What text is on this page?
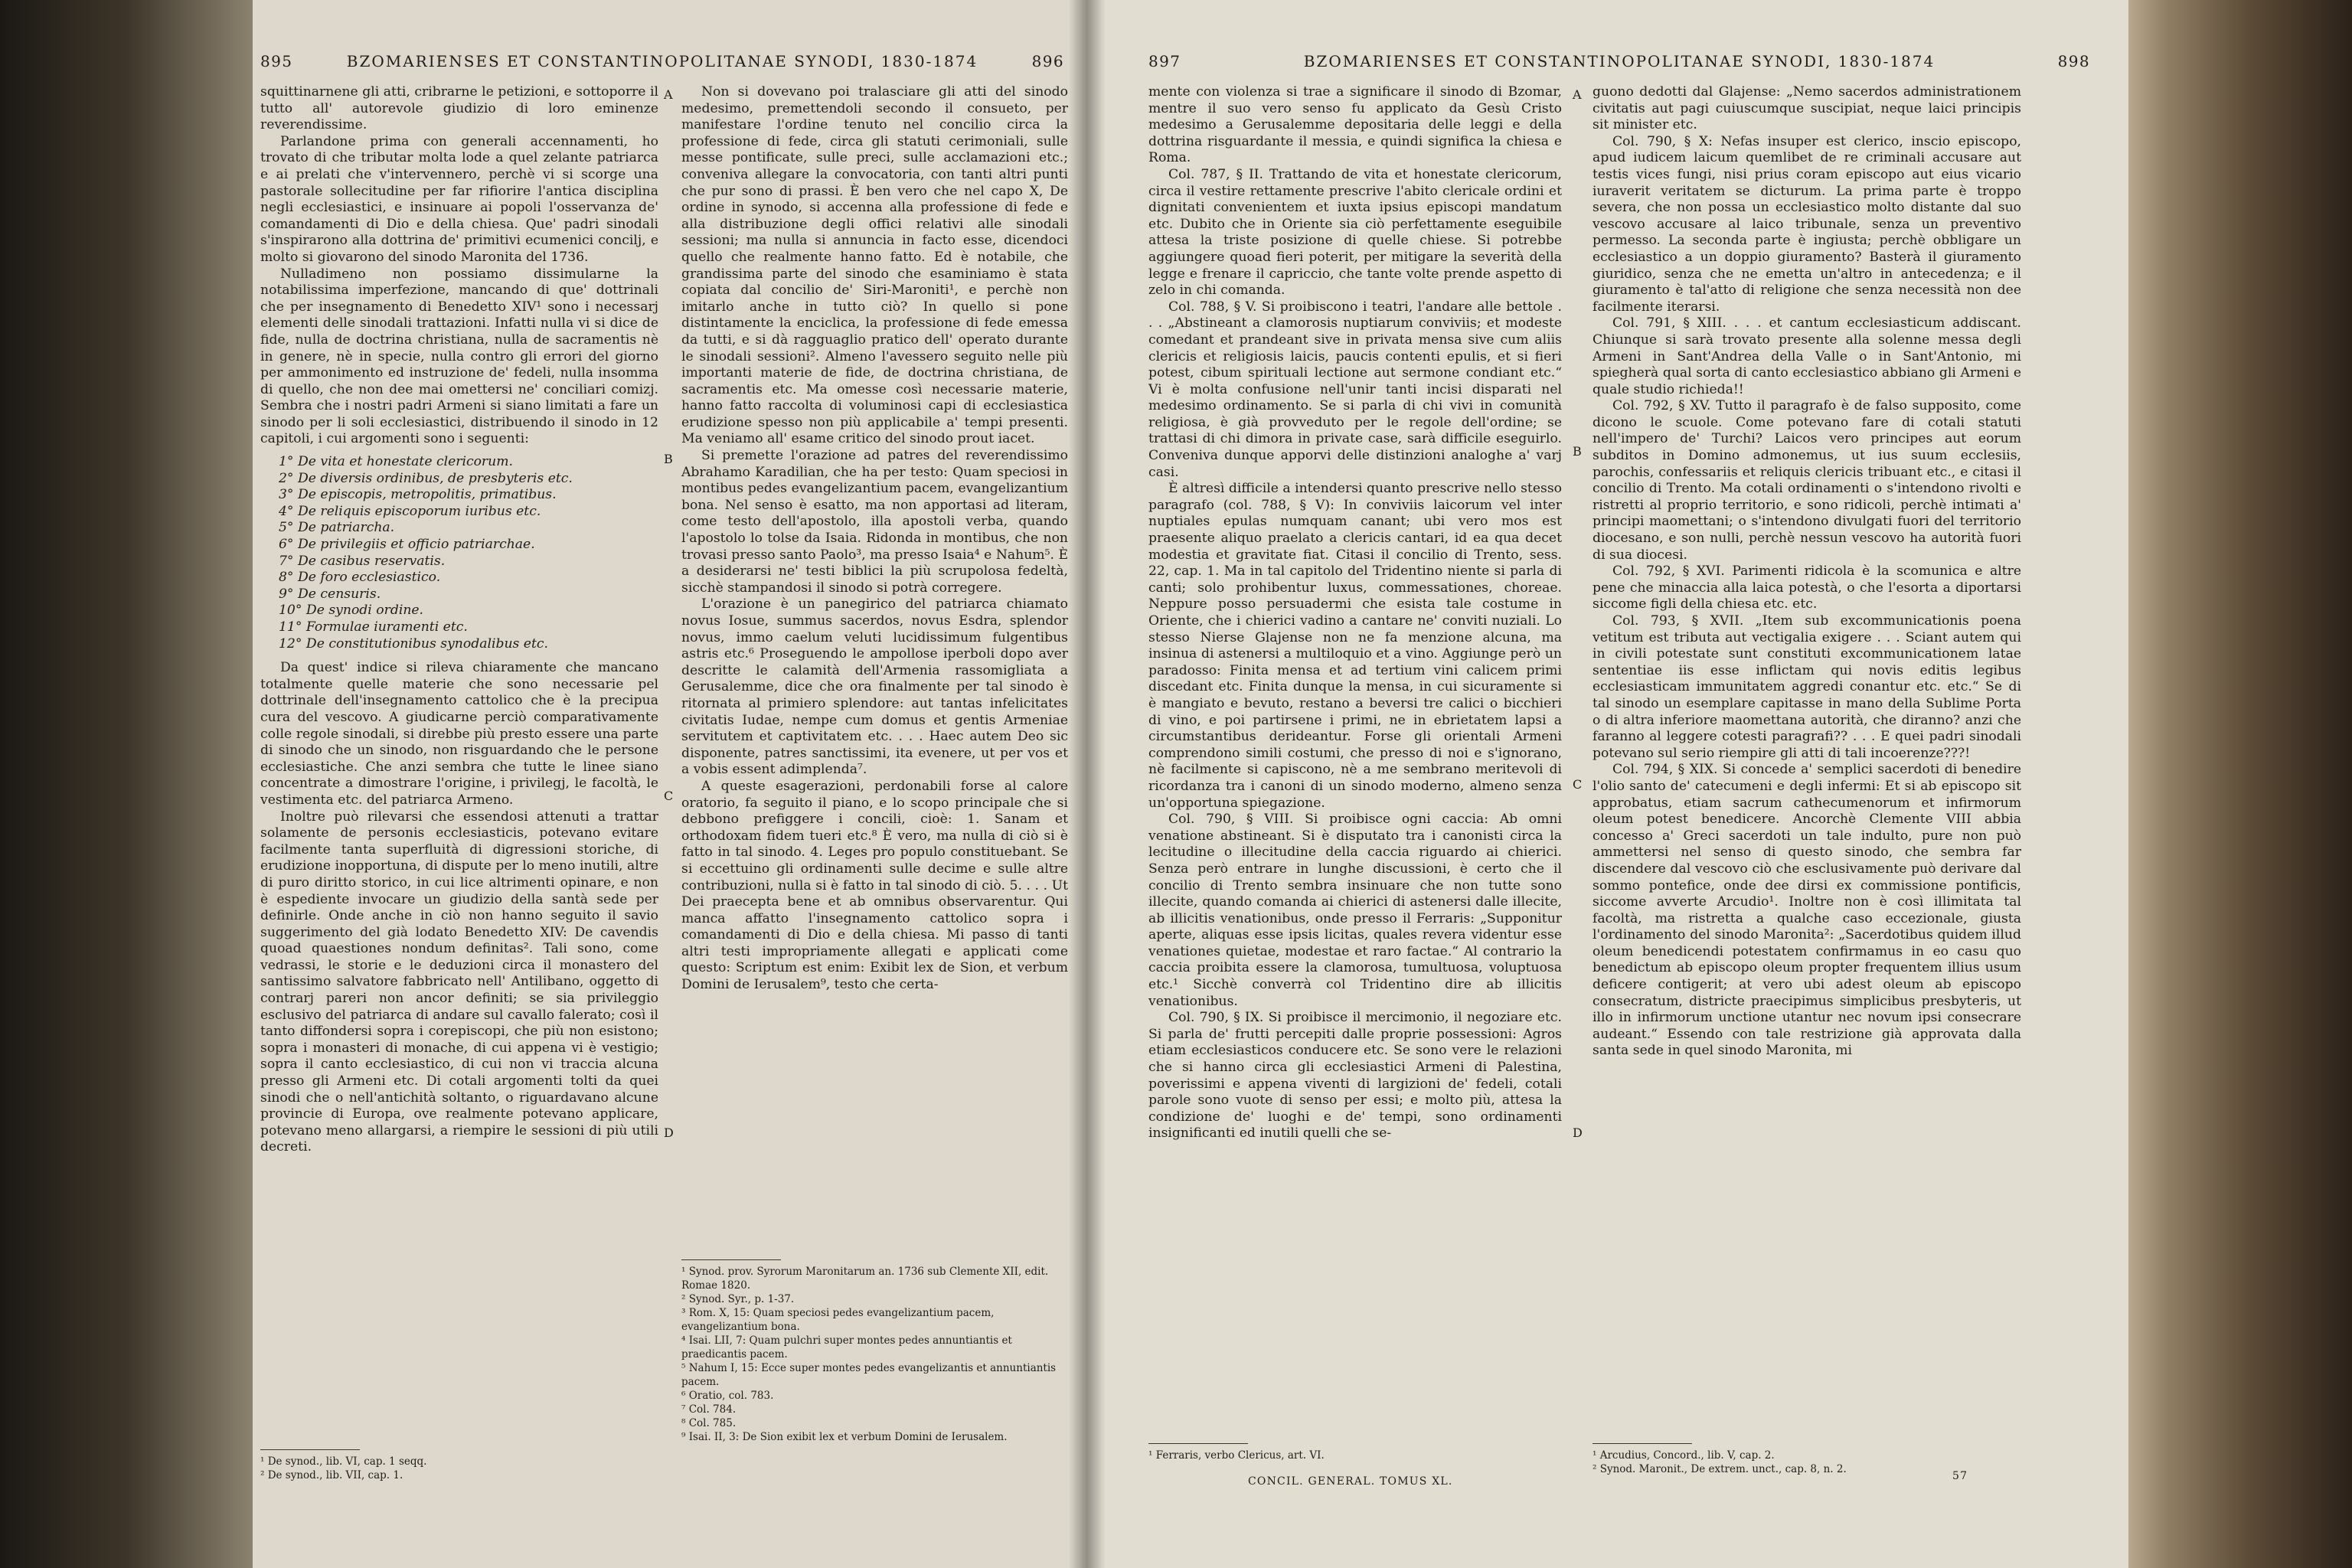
895	BZOMARIENSES ET CONSTANTINOPOLITANAE SYNODI, 1830-1874	896

squittinarnene gli atti, cribrarne le petizioni, e sottoporre il tutto all' autorevole giudizio di loro eminenze reverendissime.

Parlandone prima con generali accennamenti, ho trovato di che tributar molta lode a quel zelante patriarca e ai prelati che v'intervennero, perchè vi si scorge una pastorale sollecitudine per far rifiorire l'antica disciplina negli ecclesiastici, e insinuare ai popoli l'osservanza de' comandamenti di Dio e della chiesa. Que' padri sinodali s'inspirarono alla dottrina de' primitivi ecumenici concilj, e molto si giovarono del sinodo Maronita del 1736.

Nulladimeno non possiamo dissimularne la notabilissima imperfezione, mancando di que' dottrinali che per insegnamento di Benedetto XIV¹ sono i necessarj elementi delle sinodali trattazioni. Infatti nulla vi si dice de fide, nulla de doctrina christiana, nulla de sacramentis nè in genere, nè in specie, nulla contro gli errori del giorno per ammonimento ed instruzione de' fedeli, nulla insomma di quello, che non dee mai omettersi ne' conciliari comizj. Sembra che i nostri padri Armeni si siano limitati a fare un sinodo per li soli ecclesiastici, distribuendo il sinodo in 12 capitoli, i cui argomenti sono i seguenti:

1° De vita et honestate clericorum.
2° De diversis ordinibus, de presbyteris etc.
3° De episcopis, metropolitis, primatibus.
4° De reliquis episcoporum iuribus etc.
5° De patriarcha.
6° De privilegiis et officio patriarchae.
7° De casibus reservatis.
8° De foro ecclesiastico.
9° De censuris.
10° De synodi ordine.
11° Formulae iuramenti etc.
12° De constitutionibus synodalibus etc.

Da quest' indice si rileva chiaramente che mancano totalmente quelle materie che sono necessarie pel dottrinale dell'insegnamento cattolico che è la precipua cura del vescovo. A giudicarne perciò comparativamente colle regole sinodali, si direbbe più presto essere una parte di sinodo che un sinodo, non risguardando che le persone ecclesiastiche. Che anzi sembra che tutte le linee siano concentrate a dimostrare l'origine, i privilegj, le facoltà, le vestimenta etc. del patriarca Armeno.

Inoltre può rilevarsi che essendosi attenuti a trattar solamente de personis ecclesiasticis, potevano evitare facilmente tanta superfluità di digressioni storiche, di erudizione inopportuna, di dispute per lo meno inutili, altre di puro diritto storico, in cui lice altrimenti opinare, e non è espediente invocare un giudizio della santà sede per definirle. Onde anche in ciò non hanno seguito il savio suggerimento del già lodato Benedetto XIV: De cavendis quoad quaestiones nondum definitas². Tali sono, come vedrassi, le storie e le deduzioni circa il monastero del santissimo salvatore fabbricato nell' Antilibano, oggetto di contrarj pareri non ancor definiti; se sia privileggio esclusivo del patriarca di andare sul cavallo falerato; così il tanto diffondersi sopra i corepiscopi, che più non esistono; sopra i monasteri di monache, di cui appena vi è vestigio; sopra il canto ecclesiastico, di cui non vi traccia alcuna presso gli Armeni etc. Di cotali argomenti tolti da quei sinodi che o nell'antichità soltanto, o riguardavano alcune provincie di Europa, ove realmente potevano applicare, potevano meno allargarsi, a riempire le sessioni di più utili decreti.

Non si dovevano poi tralasciare gli atti del sinodo medesimo, premettendoli secondo il consueto, per manifestare l'ordine tenuto nel concilio circa la professione di fede, circa gli statuti cerimoniali, sulle messe pontificate, sulle preci, sulle acclamazioni etc.; conveniva allegare la convocatoria, con tanti altri punti che pur sono di prassi. È ben vero che nel capo X, De ordine in synodo, si accenna alla professione di fede e alla distribuzione degli offici relativi alle sinodali sessioni; ma nulla si annuncia in facto esse, dicendoci quello che realmente hanno fatto. Ed è notabile, che grandissima parte del sinodo che esaminiamo è stata copiata dal concilio de' Siri-Maroniti¹, e perchè non imitarlo anche in tutto ciò? In quello si pone distintamente la enciclica, la professione di fede emessa da tutti, e si dà ragguaglio pratico dell' operato durante le sinodali sessioni². Almeno l'avessero seguito nelle più importanti materie de fide, de doctrina christiana, de sacramentis etc. Ma omesse così necessarie materie, hanno fatto raccolta di voluminosi capi di ecclesiastica erudizione spesso non più applicabile a' tempi presenti. Ma veniamo all' esame critico del sinodo prout iacet.

Si premette l'orazione ad patres del reverendissimo Abrahamo Karadilian, che ha per testo: Quam speciosi in montibus pedes evangelizantium pacem, evangelizantium bona. Nel senso è esatto, ma non apportasi ad literam, come testo dell'apostolo, illa apostoli verba, quando l'apostolo lo tolse da Isaia. Ridonda in montibus, che non trovasi presso santo Paolo³, ma presso Isaia⁴ e Nahum⁵. È a desiderarsi ne' testi biblici la più scrupolosa fedeltà, sicchè stampandosi il sinodo si potrà corregere.

L'orazione è un panegirico del patriarca chiamato novus Iosue, summus sacerdos, novus Esdra, splendor novus, immo caelum veluti lucidissimum fulgentibus astris etc.⁶ Proseguendo le ampollose iperboli dopo aver descritte le calamità dell'Armenia rassomigliata a Gerusalemme, dice che ora finalmente per tal sinodo è ritornata al primiero splendore: aut tantas infelicitates civitatis Iudae, nempe cum domus et gentis Armeniae servitutem et captivitatem etc. . . . Haec autem Deo sic disponente, patres sanctissimi, ita evenere, ut per vos et a vobis essent adimplenda⁷.

A queste esagerazioni, perdonabili forse al calore oratorio, fa seguito il piano, e lo scopo principale che si debbono prefiggere i concili, cioè: 1. Sanam et orthodoxam fidem tueri etc.⁸ È vero, ma nulla di ciò si è fatto in tal sinodo. 4. Leges pro populo constituebant. Se si eccettuino gli ordinamenti sulle decime e sulle altre contribuzioni, nulla si è fatto in tal sinodo di ciò. 5. . . . Ut Dei praecepta bene et ab omnibus observarentur. Qui manca affatto l'insegnamento cattolico sopra i comandamenti di Dio e della chiesa. Mi passo di tanti altri testi impropriamente allegati e applicati come questo: Scriptum est enim: Exibit lex de Sion, et verbum Domini de Ierusalem⁹, testo che certa-

A
B
C
D
¹ De synod., lib. VI, cap. 1 seqq.
² De synod., lib. VII, cap. 1.
¹ Synod. prov. Syrorum Maronitarum an. 1736 sub Clemente XII, edit. Romae 1820.
² Synod. Syr., p. 1-37.
³ Rom. X, 15: Quam speciosi pedes evangelizantium pacem, evangelizantium bona.
⁴ Isai. LII, 7: Quam pulchri super montes pedes annuntiantis et praedicantis pacem.
⁵ Nahum I, 15: Ecce super montes pedes evangelizantis et annuntiantis pacem.
⁶ Oratio, col. 783.
⁷ Col. 784.
⁸ Col. 785.
⁹ Isai. II, 3: De Sion exibit lex et verbum Domini de Ierusalem.
897	BZOMARIENSES ET CONSTANTINOPOLITANAE SYNODI, 1830-1874	898

mente con violenza si trae a significare il sinodo di Bzomar, mentre il suo vero senso fu applicato da Gesù Cristo medesimo a Gerusalemme depositaria delle leggi e della dottrina risguardante il messia, e quindi significa la chiesa e Roma.

Col. 787, § II. Trattando de vita et honestate clericorum, circa il vestire rettamente prescrive l'abito clericale ordini et dignitati convenientem et iuxta ipsius episcopi mandatum etc. Dubito che in Oriente sia ciò perfettamente eseguibile attesa la triste posizione di quelle chiese. Si potrebbe aggiungere quoad fieri poterit, per mitigare la severità della legge e frenare il capriccio, che tante volte prende aspetto di zelo in chi comanda.

Col. 788, § V. Si proibiscono i teatri, l'andare alle bettole . . . „Abstineant a clamorosis nuptiarum conviviis; et modeste comedant et prandeant sive in privata mensa sive cum aliis clericis et religiosis laicis, paucis contenti epulis, et si fieri potest, cibum spirituali lectione aut sermone condiant etc.“ Vi è molta confusione nell'unir tanti incisi disparati nel medesimo ordinamento. Se si parla di chi vivi in comunità religiosa, è già provveduto per le regole dell'ordine; se trattasi di chi dimora in private case, sarà difficile eseguirlo. Conveniva dunque apporvi delle distinzioni analoghe a' varj casi.

È altresì difficile a intendersi quanto prescrive nello stesso paragrafo (col. 788, § V): In conviviis laicorum vel inter nuptiales epulas numquam canant; ubi vero mos est praesente aliquo praelato a clericis cantari, id ea qua decet modestia et gravitate fiat. Citasi il concilio di Trento, sess. 22, cap. 1. Ma in tal capitolo del Tridentino niente si parla di canti; solo prohibentur luxus, commessationes, choreae. Neppure posso persuadermi che esista tale costume in Oriente, che i chierici vadino a cantare ne' conviti nuziali. Lo stesso Nierse Glajense non ne fa menzione alcuna, ma insinua di astenersi a multiloquio et a vino. Aggiunge però un paradosso: Finita mensa et ad tertium vini calicem primi discedant etc. Finita dunque la mensa, in cui sicuramente si è mangiato e bevuto, restano a beversi tre calici o bicchieri di vino, e poi partirsene i primi, ne in ebrietatem lapsi a circumstantibus derideantur. Forse gli orientali Armeni comprendono simili costumi, che presso di noi e s'ignorano, nè facilmente si capiscono, nè a me sembrano meritevoli di ricordanza tra i canoni di un sinodo moderno, almeno senza un'opportuna spiegazione.

Col. 790, § VIII. Si proibisce ogni caccia: Ab omni venatione abstineant. Si è disputato tra i canonisti circa la lecitudine o illecitudine della caccia riguardo ai chierici. Senza però entrare in lunghe discussioni, è certo che il concilio di Trento sembra insinuare che non tutte sono illecite, quando comanda ai chierici di astenersi dalle illecite, ab illicitis venationibus, onde presso il Ferraris: „Supponitur aperte, aliquas esse ipsis licitas, quales revera videntur esse venationes quietae, modestae et raro factae.“ Al contrario la caccia proibita essere la clamorosa, tumultuosa, voluptuosa etc.¹ Sicchè converrà col Tridentino dire ab illicitis venationibus.

Col. 790, § IX. Si proibisce il mercimonio, il negoziare etc. Si parla de' frutti percepiti dalle proprie possessioni: Agros etiam ecclesiasticos conducere etc. Se sono vere le relazioni che si hanno circa gli ecclesiastici Armeni di Palestina, poverissimi e appena viventi di largizioni de' fedeli, cotali parole sono vuote di senso per essi; e molto più, attesa la condizione de' luoghi e de' tempi, sono ordinamenti insignificanti ed inutili quelli che se-

guono dedotti dal Glajense: „Nemo sacerdos administrationem civitatis aut pagi cuiuscumque suscipiat, neque laici principis sit minister etc.

Col. 790, § X: Nefas insuper est clerico, inscio episcopo, apud iudicem laicum quemlibet de re criminali accusare aut testis vices fungi, nisi prius coram episcopo aut eius vicario iuraverit veritatem se dicturum. La prima parte è troppo severa, che non possa un ecclesiastico molto distante dal suo vescovo accusare al laico tribunale, senza un preventivo permesso. La seconda parte è ingiusta; perchè obbligare un ecclesiastico a un doppio giuramento? Basterà il giuramento giuridico, senza che ne emetta un'altro in antecedenza; e il giuramento è tal'atto di religione che senza necessità non dee facilmente iterarsi.

Col. 791, § XIII. . . . et cantum ecclesiasticum addiscant. Chiunque si sarà trovato presente alla solenne messa degli Armeni in Sant'Andrea della Valle o in Sant'Antonio, mi spiegherà qual sorta di canto ecclesiastico abbiano gli Armeni e quale studio richieda!!

Col. 792, § XV. Tutto il paragrafo è de falso supposito, come dicono le scuole. Come potevano fare di cotali statuti nell'impero de' Turchi? Laicos vero principes aut eorum subditos in Domino admonemus, ut ius suum ecclesiis, parochis, confessariis et reliquis clericis tribuant etc., e citasi il concilio di Trento. Ma cotali ordinamenti o s'intendono rivolti e ristretti al proprio territorio, e sono ridicoli, perchè intimati a' principi maomettani; o s'intendono divulgati fuori del territorio diocesano, e son nulli, perchè nessun vescovo ha autorità fuori di sua diocesi.

Col. 792, § XVI. Parimenti ridicola è la scomunica e altre pene che minaccia alla laica potestà, o che l'esorta a diportarsi siccome figli della chiesa etc. etc.

Col. 793, § XVII. „Item sub excommunicationis poena vetitum est tributa aut vectigalia exigere . . . Sciant autem qui in civili potestate sunt constituti excommunicationem latae sententiae iis esse inflictam qui novis editis legibus ecclesiasticam immunitatem aggredi conantur etc. etc.“ Se di tal sinodo un esemplare capitasse in mano della Sublime Porta o di altra inferiore maomettana autorità, che diranno? anzi che faranno al leggere cotesti paragrafi?? . . . E quei padri sinodali potevano sul serio riempire gli atti di tali incoerenze???!

Col. 794, § XIX. Si concede a' semplici sacerdoti di benedire l'olio santo de' catecumeni e degli infermi: Et si ab episcopo sit approbatus, etiam sacrum cathecumenorum et infirmorum oleum potest benedicere. Ancorchè Clemente VIII abbia concesso a' Greci sacerdoti un tale indulto, pure non può ammettersi nel senso di questo sinodo, che sembra far discendere dal vescovo ciò che esclusivamente può derivare dal sommo pontefice, onde dee dirsi ex commissione pontificis, siccome avverte Arcudio¹. Inoltre non è così illimitata tal facoltà, ma ristretta a qualche caso eccezionale, giusta l'ordinamento del sinodo Maronita²: „Sacerdotibus quidem illud oleum benedicendi potestatem confirmamus in eo casu quo benedictum ab episcopo oleum propter frequentem illius usum deficere contigerit; at vero ubi adest oleum ab episcopo consecratum, districte praecipimus simplicibus presbyteris, ut illo in infirmorum unctione utantur nec novum ipsi consecrare audeant.“ Essendo con tale restrizione già approvata dalla santa sede in quel sinodo Maronita, mi

A
B
C
D
¹ Ferraris, verbo Clericus, art. VI.	¹ Arcudius, Concord., lib. V, cap. 2.
² Synod. Maronit., De extrem. unct., cap. 8, n. 2.
CONCIL. GENERAL. TOMUS XL.	57
